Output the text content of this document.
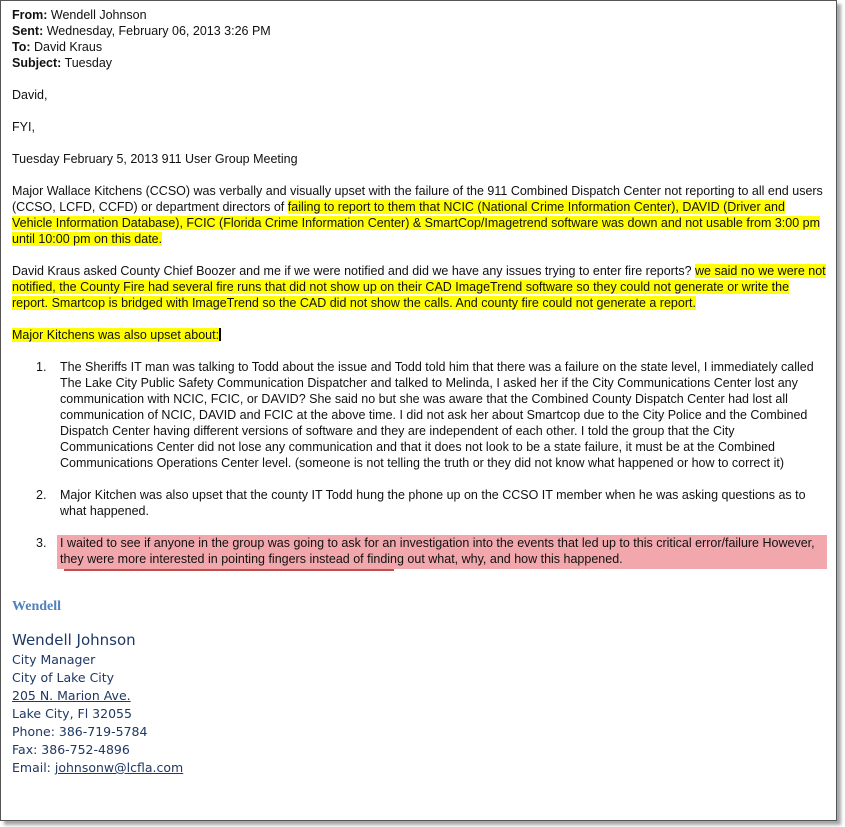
From: Wendell Johnson
Sent: Wednesday, February 06, 2013 3:26 PM
To: David Kraus
Subject: Tuesday

David,

FYI,

Tuesday February 5, 2013 911 User Group Meeting

Major Wallace Kitchens (CCSO) was verbally and visually upset with the failure of the 911 Combined Dispatch Center not reporting to all end users (CCSO, LCFD, CCFD) or department directors of failing to report to them that NCIC (National Crime Information Center), DAVID (Driver and Vehicle Information Database), FCIC (Florida Crime Information Center) & SmartCop/Imagetrend software was down and not usable from 3:00 pm until 10:00 pm on this date.

David Kraus asked County Chief Boozer and me if we were notified and did we have any issues trying to enter fire reports? we said no we were not notified, the County Fire had several fire runs that did not show up on their CAD ImageTrend software so they could not generate or write the report. Smartcop is bridged with ImageTrend so the CAD did not show the calls. And county fire could not generate a report.

Major Kitchens was also upset about:

1. The Sheriffs IT man was talking to Todd about the issue and Todd told him that there was a failure on the state level, I immediately called The Lake City Public Safety Communication Dispatcher and talked to Melinda, I asked her if the City Communications Center lost any communication with NCIC, FCIC, or DAVID? She said no but she was aware that the Combined County Dispatch Center had lost all communication of NCIC, DAVID and FCIC at the above time. I did not ask her about Smartcop due to the City Police and the Combined Dispatch Center having different versions of software and they are independent of each other. I told the group that the City Communications Center did not lose any communication and that it does not look to be a state failure, it must be at the Combined Communications Operations Center level. (someone is not telling the truth or they did not know what happened or how to correct it)
2. Major Kitchen was also upset that the county IT Todd hung the phone up on the CCSO IT member when he was asking questions as to what happened.
3. I waited to see if anyone in the group was going to ask for an investigation into the events that led up to this critical error/failure However, they were more interested in pointing fingers instead of finding out what, why, and how this happened.
Wendell
Wendell Johnson
City Manager
City of Lake City
205 N. Marion Ave.
Lake City, Fl 32055
Phone: 386-719-5784
Fax: 386-752-4896
Email: johnsonw@lcfla.com
